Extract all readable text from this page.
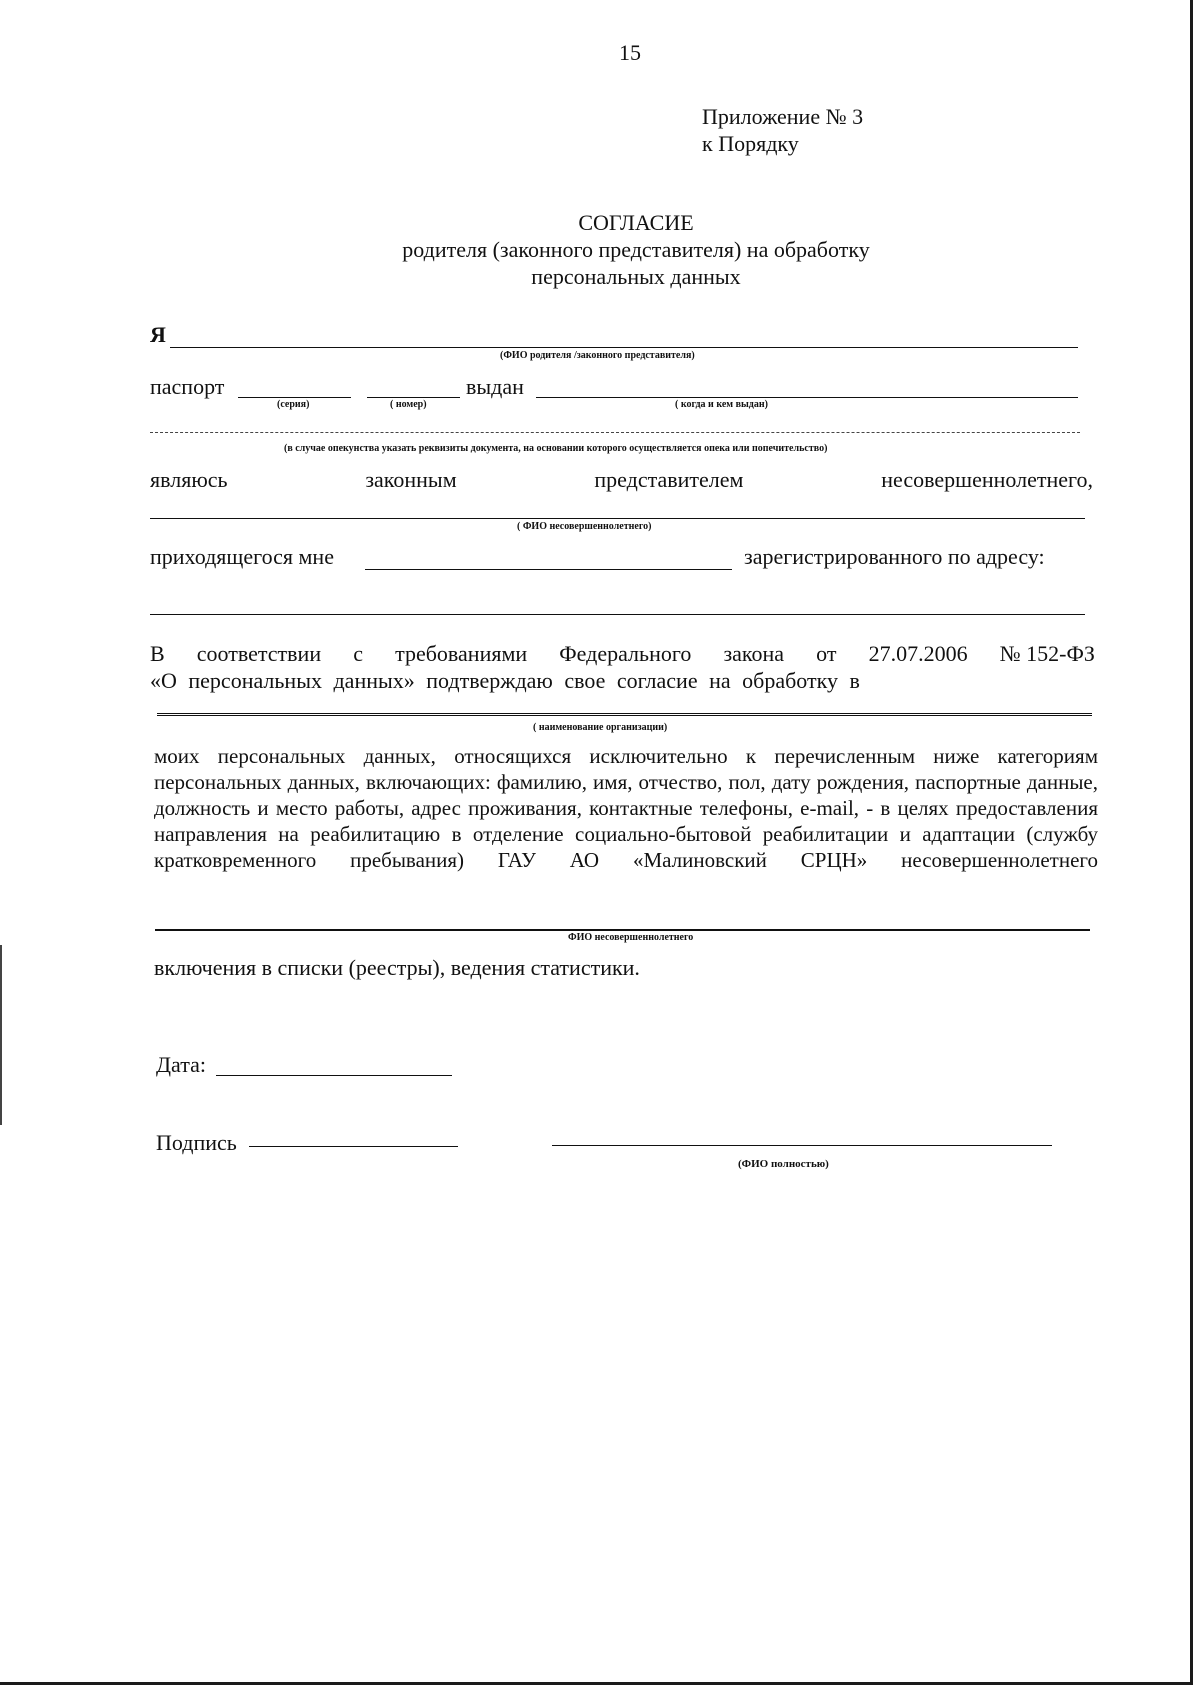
15
Приложение № 3
к Порядку
СОГЛАСИЕ
родителя (законного представителя) на обработку
персональных данных
Я
(ФИО родителя /законного представителя)
паспорт	выдан
(серия)	( номер)	( когда и кем выдан)
(в случае опекунства указать реквизиты документа, на основании которого осуществляется опека или попечительство)
являюсь	законным	представителем	несовершеннолетнего,
( ФИО несовершеннолетнего)
приходящегося мне	зарегистрированного по адресу:
В соответствии с требованиями Федерального закона от 27.07.2006 № 152-ФЗ
«О персональных данных» подтверждаю свое согласие на обработку в
( наименование организации)
моих персональных данных, относящихся исключительно к перечисленным ниже категориям персональных данных, включающих: фамилию, имя, отчество, пол, дату рождения, паспортные данные, должность и место работы, адрес проживания, контактные телефоны, e-mail, - в целях предоставления направления на реабилитацию в отделение социально-бытовой реабилитации и адаптации (службу кратковременного пребывания) ГАУ АО «Малиновский СРЦН» несовершеннолетнего
ФИО несовершеннолетнего
включения в списки (реестры), ведения статистики.
Дата:
Подпись
(ФИО полностью)
